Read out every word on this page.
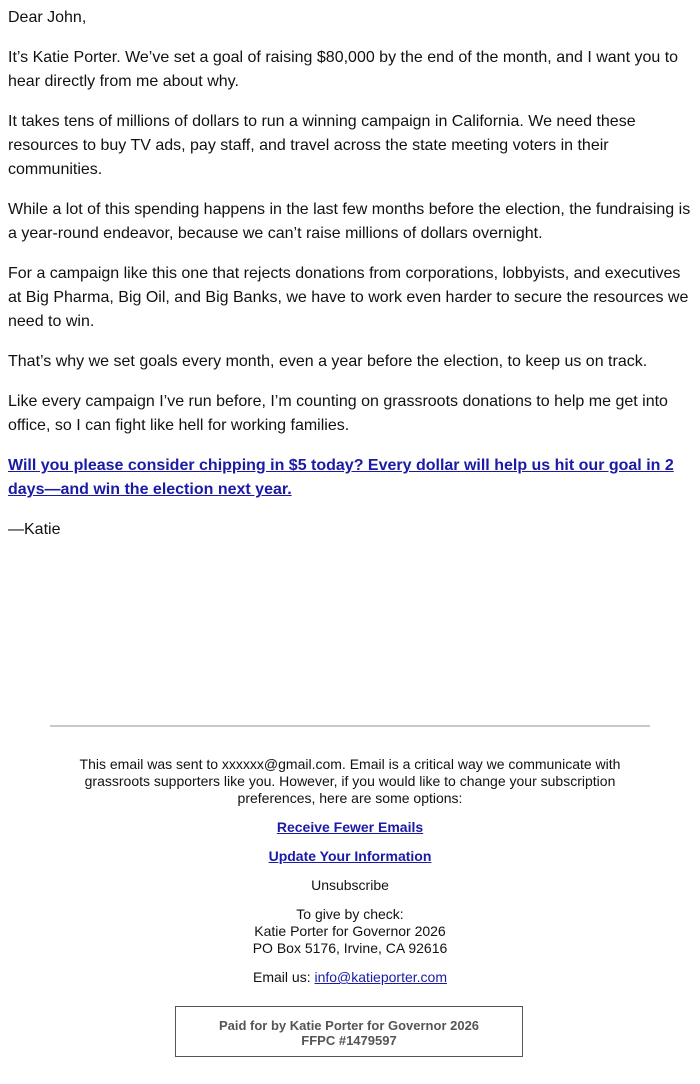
Dear John,

It’s Katie Porter. We’ve set a goal of raising $80,000 by the end of the month, and I want you to hear directly from me about why.

It takes tens of millions of dollars to run a winning campaign in California. We need these resources to buy TV ads, pay staff, and travel across the state meeting voters in their communities.

While a lot of this spending happens in the last few months before the election, the fundraising is a year-round endeavor, because we can’t raise millions of dollars overnight.

For a campaign like this one that rejects donations from corporations, lobbyists, and executives at Big Pharma, Big Oil, and Big Banks, we have to work even harder to secure the resources we need to win.

That’s why we set goals every month, even a year before the election, to keep us on track.

Like every campaign I’ve run before, I’m counting on grassroots donations to help me get into office, so I can fight like hell for working families.

Will you please consider chipping in $5 today? Every dollar will help us hit our goal in 2 days—and win the election next year.

—Katie

This email was sent to xxxxxx@gmail.com. Email is a critical way we communicate with grassroots supporters like you. However, if you would like to change your subscription preferences, here are some options:

Receive Fewer Emails

Update Your Information

Unsubscribe

To give by check:
Katie Porter for Governor 2026
PO Box 5176, Irvine, CA 92616

Email us: info@katieporter.com

Paid for by Katie Porter for Governor 2026
FFPC #1479597
